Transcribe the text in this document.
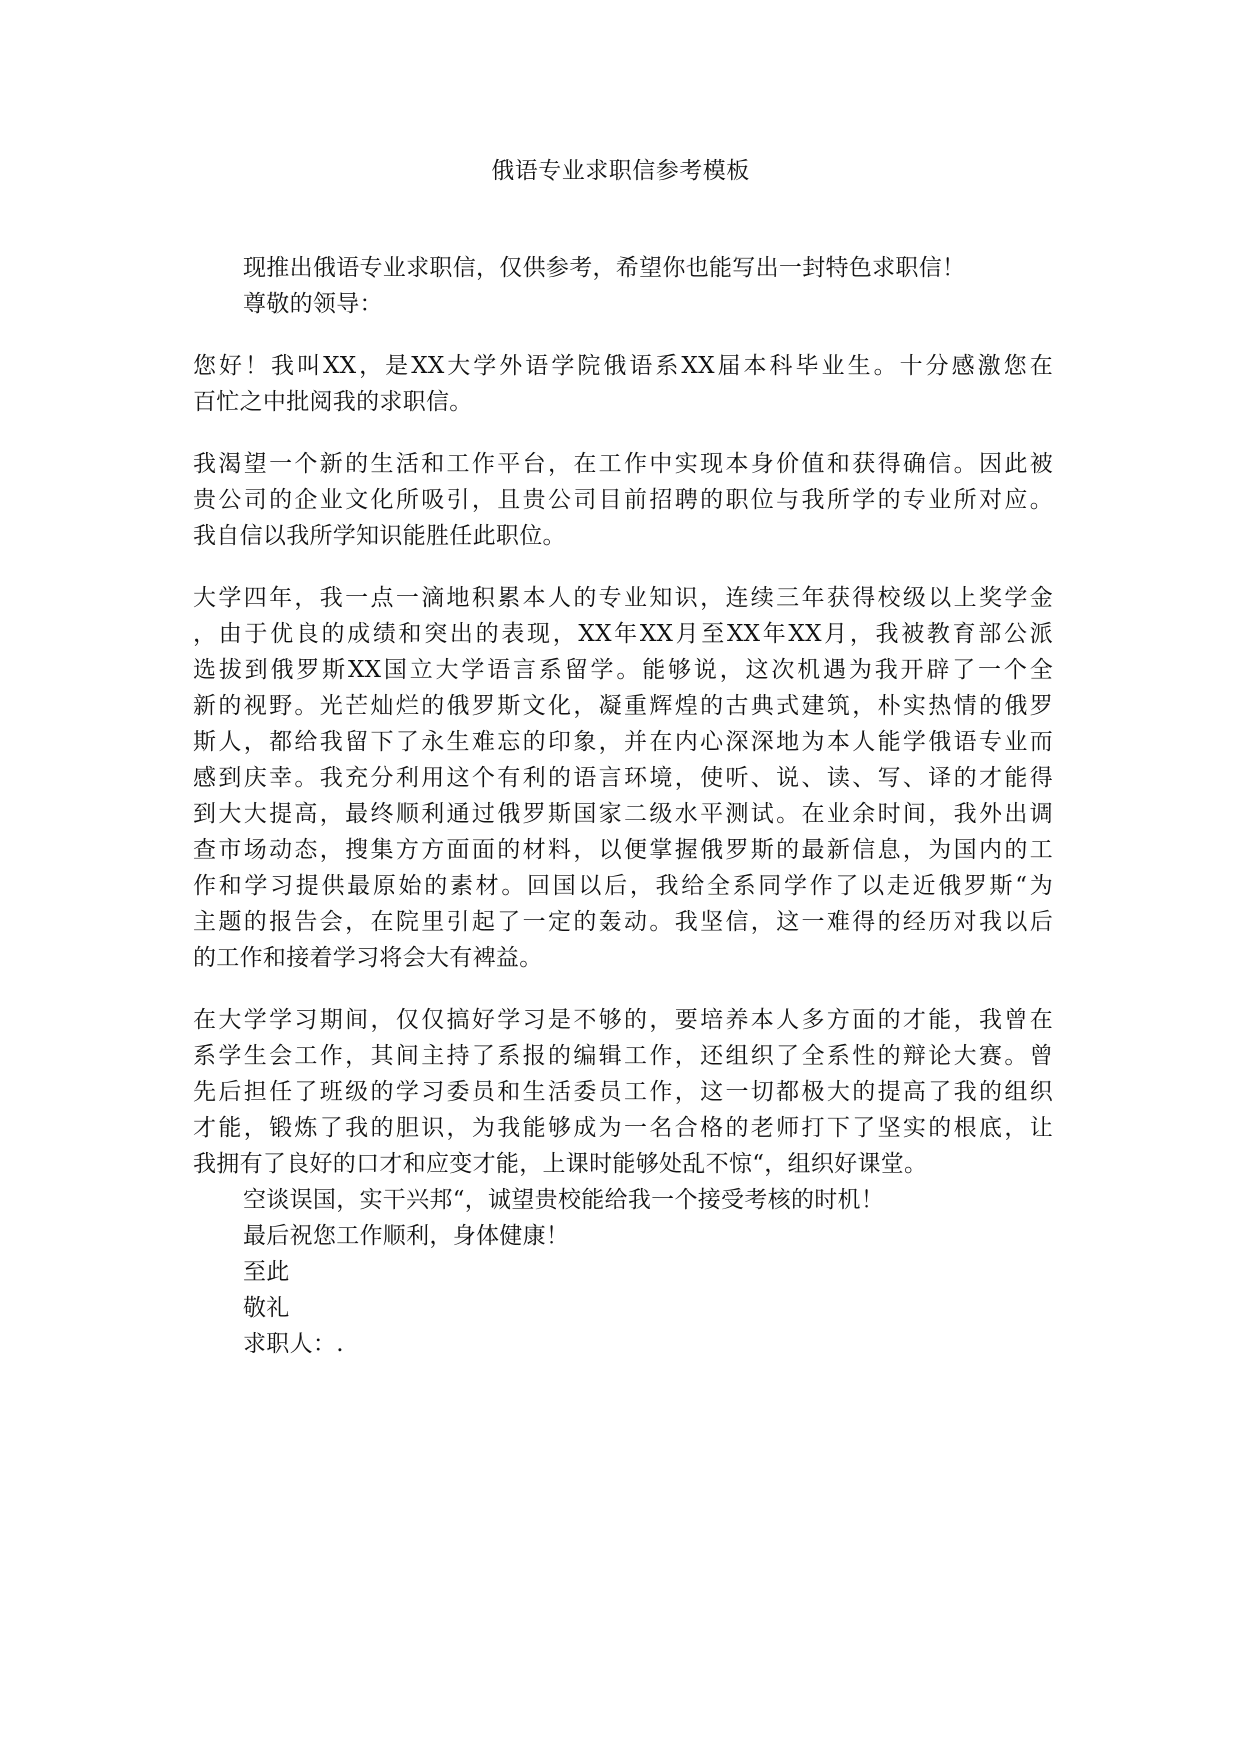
俄语专业求职信参考模板
现推出俄语专业求职信，仅供参考，希望你也能写出一封特色求职信！
尊敬的领导：
您好！我叫XX，是XX大学外语学院俄语系XX届本科毕业生。十分感激您在
百忙之中批阅我的求职信。
我渴望一个新的生活和工作平台，在工作中实现本身价值和获得确信。因此被
贵公司的企业文化所吸引，且贵公司目前招聘的职位与我所学的专业所对应。
我自信以我所学知识能胜任此职位。
大学四年，我一点一滴地积累本人的专业知识，连续三年获得校级以上奖学金
，由于优良的成绩和突出的表现，XX年XX月至XX年XX月，我被教育部公派
选拔到俄罗斯XX国立大学语言系留学。能够说，这次机遇为我开辟了一个全
新的视野。光芒灿烂的俄罗斯文化，凝重辉煌的古典式建筑，朴实热情的俄罗
斯人，都给我留下了永生难忘的印象，并在内心深深地为本人能学俄语专业而
感到庆幸。我充分利用这个有利的语言环境，使听、说、读、写、译的才能得
到大大提高，最终顺利通过俄罗斯国家二级水平测试。在业余时间，我外出调
查市场动态，搜集方方面面的材料，以便掌握俄罗斯的最新信息，为国内的工
作和学习提供最原始的素材。回国以后，我给全系同学作了以走近俄罗斯“为
主题的报告会，在院里引起了一定的轰动。我坚信，这一难得的经历对我以后
的工作和接着学习将会大有裨益。
在大学学习期间，仅仅搞好学习是不够的，要培养本人多方面的才能，我曾在
系学生会工作，其间主持了系报的编辑工作，还组织了全系性的辩论大赛。曾
先后担任了班级的学习委员和生活委员工作，这一切都极大的提高了我的组织
才能，锻炼了我的胆识，为我能够成为一名合格的老师打下了坚实的根底，让
我拥有了良好的口才和应变才能，上课时能够处乱不惊“，组织好课堂。
空谈误国，实干兴邦“，诚望贵校能给我一个接受考核的时机！
最后祝您工作顺利，身体健康！
至此
敬礼
求职人：.
